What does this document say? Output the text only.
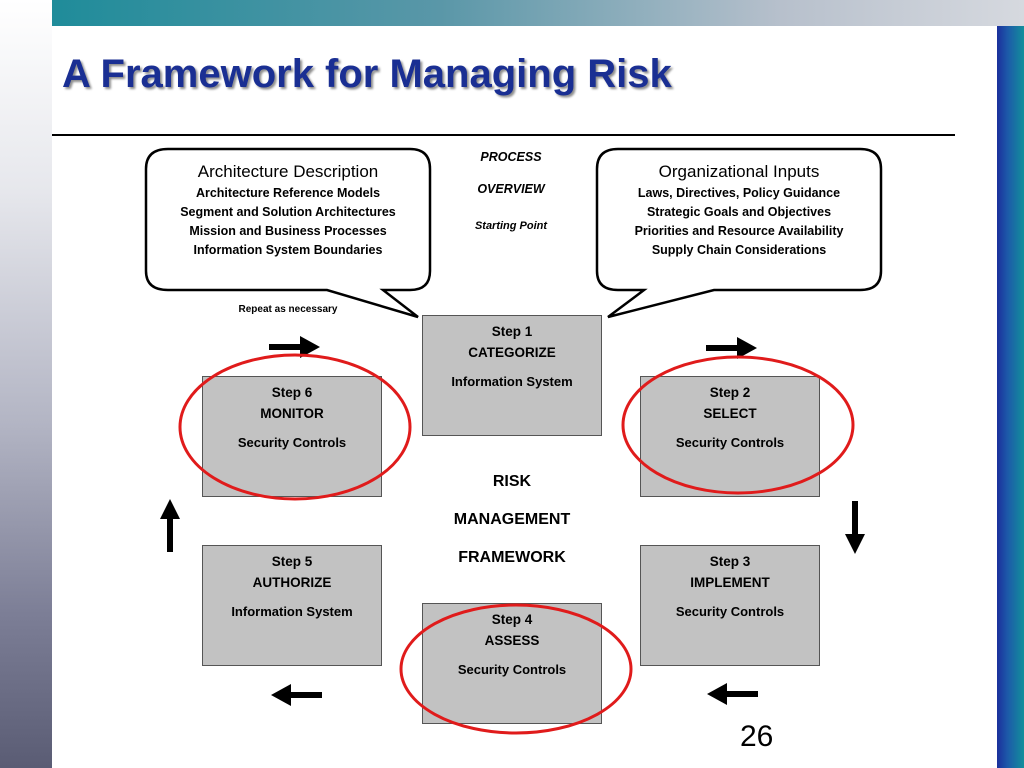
A Framework for Managing Risk
Architecture Description
Architecture Reference Models
Segment and Solution Architectures
Mission and Business Processes
Information System Boundaries
Organizational Inputs
Laws, Directives, Policy Guidance
Strategic Goals and Objectives
Priorities and Resource Availability
Supply Chain Considerations
PROCESS
OVERVIEW
Starting Point
Repeat as necessary
Step 1
CATEGORIZE
Information System
Step 2
SELECT
Security Controls
Step 3
IMPLEMENT
Security Controls
Step 4
ASSESS
Security Controls
Step 5
AUTHORIZE
Information System
Step 6
MONITOR
Security Controls
RISK
MANAGEMENT
FRAMEWORK
26
